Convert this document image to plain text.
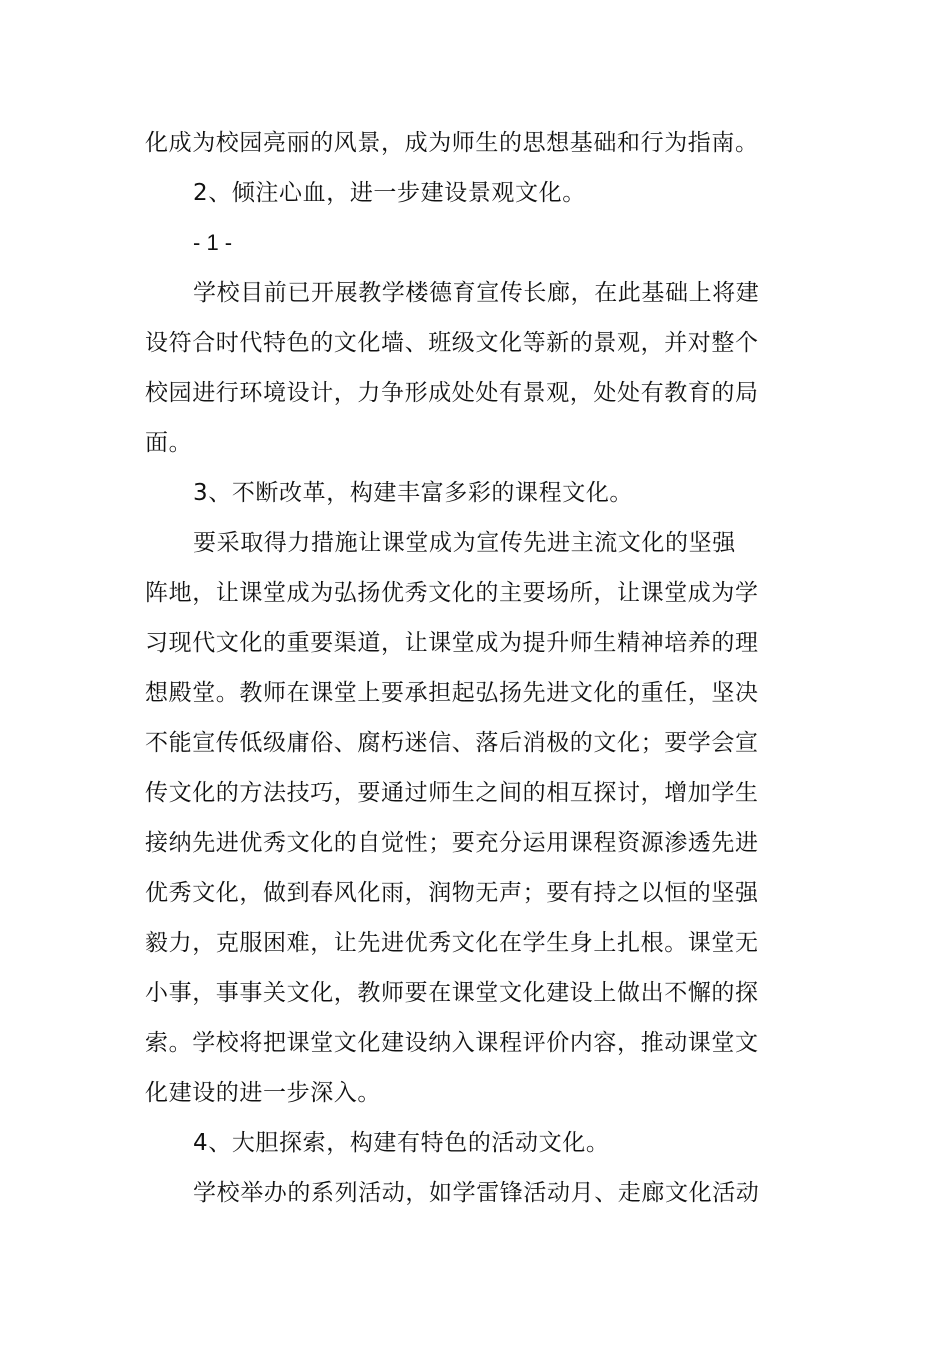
化成为校园亮丽的风景，成为师生的思想基础和行为指南。
2、倾注心血，进一步建设景观文化。
- 1 -
学校目前已开展教学楼德育宣传长廊，在此基础上将建
设符合时代特色的文化墙、班级文化等新的景观，并对整个
校园进行环境设计，力争形成处处有景观，处处有教育的局
面。
3、不断改革，构建丰富多彩的课程文化。
要采取得力措施让课堂成为宣传先进主流文化的坚强
阵地，让课堂成为弘扬优秀文化的主要场所，让课堂成为学
习现代文化的重要渠道，让课堂成为提升师生精神培养的理
想殿堂。教师在课堂上要承担起弘扬先进文化的重任，坚决
不能宣传低级庸俗、腐朽迷信、落后消极的文化；要学会宣
传文化的方法技巧，要通过师生之间的相互探讨，增加学生
接纳先进优秀文化的自觉性；要充分运用课程资源渗透先进
优秀文化，做到春风化雨，润物无声；要有持之以恒的坚强
毅力，克服困难，让先进优秀文化在学生身上扎根。课堂无
小事，事事关文化，教师要在课堂文化建设上做出不懈的探
索。学校将把课堂文化建设纳入课程评价内容，推动课堂文
化建设的进一步深入。
4、大胆探索，构建有特色的活动文化。
学校举办的系列活动，如学雷锋活动月、走廊文化活动
